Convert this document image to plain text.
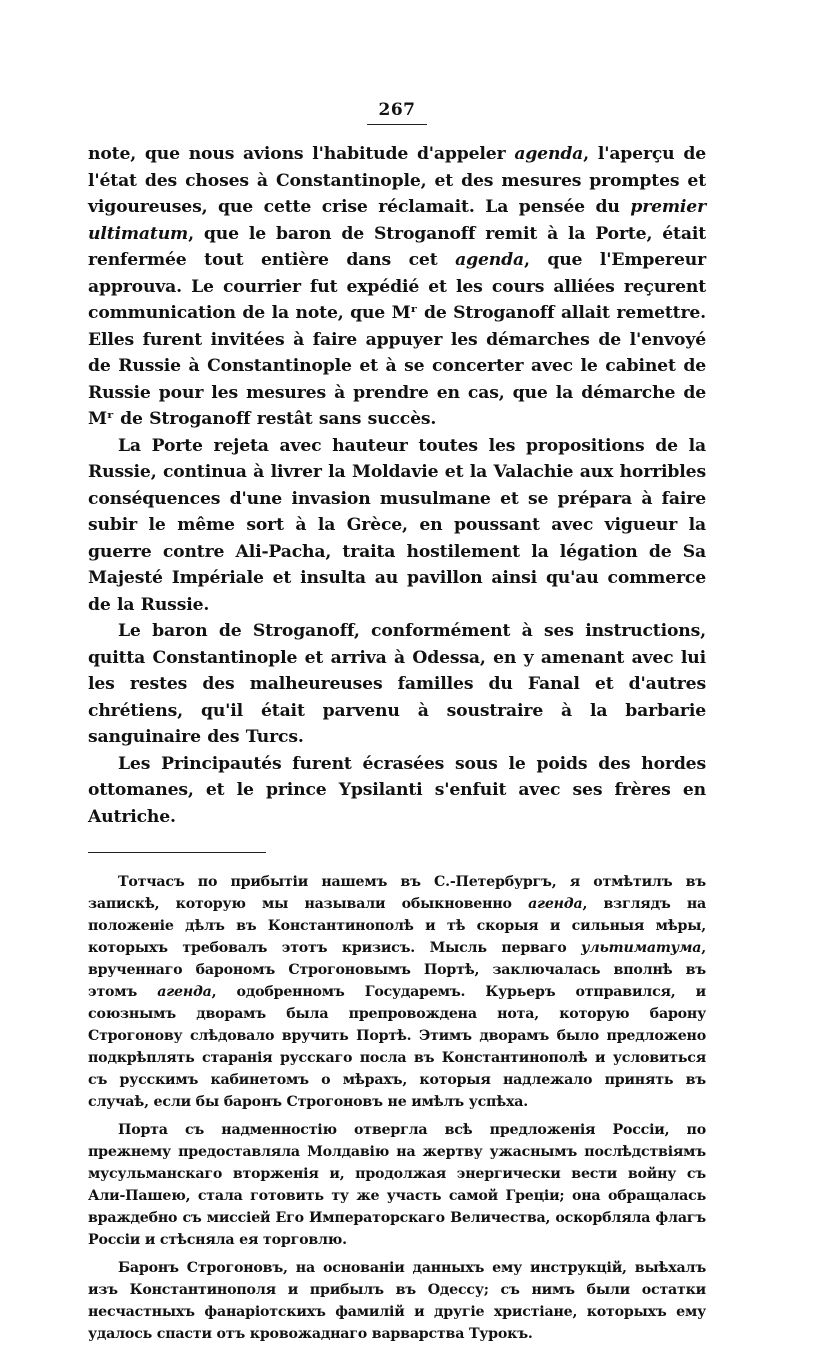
267

note, que nous avions l'habitude d'appeler agenda, l'aperçu de l'état des choses à Constantinople, et des mesures promptes et vigoureuses, que cette crise réclamait. La pensée du premier ultimatum, que le baron de Stroganoff remit à la Porte, était renfermée tout entière dans cet agenda, que l'Empereur approuva. Le courrier fut expédié et les cours alliées reçurent communication de la note, que Mʳ de Stroganoff allait remettre. Elles furent invitées à faire appuyer les démarches de l'envoyé de Russie à Constantinople et à se concerter avec le cabinet de Russie pour les mesures à prendre en cas, que la démarche de Mʳ de Stroganoff restât sans succès.

La Porte rejeta avec hauteur toutes les propositions de la Russie, continua à livrer la Moldavie et la Valachie aux horribles conséquences d'une invasion musulmane et se prépara à faire subir le même sort à la Grèce, en poussant avec vigueur la guerre contre Ali-Pacha, traita hostilement la légation de Sa Majesté Impériale et insulta au pavillon ainsi qu'au commerce de la Russie.

Le baron de Stroganoff, conformément à ses instructions, quitta Constantinople et arriva à Odessa, en y amenant avec lui les restes des malheureuses familles du Fanal et d'autres chrétiens, qu'il était parvenu à soustraire à la barbarie sanguinaire des Turcs.

Les Principautés furent écrasées sous le poids des hordes ottomanes, et le prince Ypsilanti s'enfuit avec ses frères en Autriche.

Тотчасъ по прибытіи нашемъ въ С.-Петербургъ, я отмѣтилъ въ запискѣ, которую мы называли обыкновенно агенда, взглядъ на положеніе дѣлъ въ Константинополѣ и тѣ скорыя и сильныя мѣры, которыхъ требовалъ этотъ кризисъ. Мысль перваго ультиматума, врученнаго барономъ Строгоновымъ Портѣ, заключалась вполнѣ въ этомъ агенда, одобренномъ Государемъ. Курьеръ отправился, и союзнымъ дворамъ была препровождена нота, которую барону Строгонову слѣдовало вручить Портѣ. Этимъ дворамъ было предложено подкрѣплять старанія русскаго посла въ Константинополѣ и условиться съ русскимъ кабинетомъ о мѣрахъ, которыя надлежало принять въ случаѣ, если бы баронъ Строгоновъ не имѣлъ успѣха.

Порта съ надменностію отвергла всѣ предложенія Россіи, по прежнему предоставляла Молдавію на жертву ужаснымъ послѣдствіямъ мусульманскаго вторженія и, продолжая энергически вести войну съ Али-Пашею, стала готовить ту же участь самой Греціи; она обращалась враждебно съ миссіей Его Императорскаго Величества, оскорбляла флагъ Россіи и стѣсняла ея торговлю.

Баронъ Строгоновъ, на основаніи данныхъ ему инструкцій, выѣхалъ изъ Константинополя и прибылъ въ Одессу; съ нимъ были остатки несчастныхъ фанаріотскихъ фамилій и другіе христіане, которыхъ ему удалось спасти отъ кровожаднаго варварства Турокъ.
